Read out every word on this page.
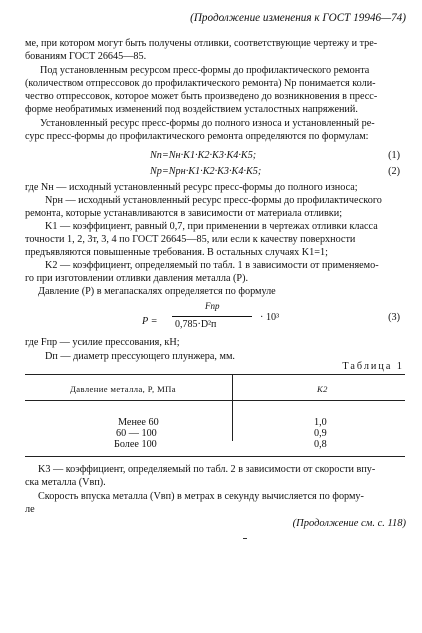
(Продолжение изменения к ГОСТ 19946—74)
ме, при котором могут быть получены отливки, соответствующие чертежу и тре-
бованиям ГОСТ 26645—85.
Под установленным ресурсом пресс-формы до профилактического ремонта
(количеством отпрессовок до профилактического ремонта) Nр понимается коли-
чество отпрессовок, которое может быть произведено до возникновения в пресс-
форме необратимых изменений под воздействием усталостных напряжений.
Установленный ресурс пресс-формы до полного износа и установленный ре-
сурс пресс-формы до профилактического ремонта определяются по формулам:
Nп=Nн·K1·K2·K3·K4·K5;	(1)
Nр=Nрн·K1·K2·K3·K4·K5;	(2)
где Nн — исходный установленный ресурс пресс-формы до полного износа;
Nрн — исходный установленный ресурс пресс-формы до профилактического
ремонта, которые устанавливаются в зависимости от материала отливки;
K1 — коэффициент, равный 0,7, при применении в чертежах отливки класса
точности 1, 2, 3т, 3, 4 по ГОСТ 26645—85, или если к качеству поверхности
предъявляются повышенные требования. В остальных случаях K1=1;
K2 — коэффициент, определяемый по табл. 1 в зависимости от применяемо-
го при изготовлении отливки давления металла (P).
Давление (P) в мегапаскалях определяется по формуле
P =
Fпр
0,785·D²п
· 10³	(3)
где Fпр — усилие прессования, кН;
Dп — диаметр прессующего плунжера, мм.
Таблица 1
Давление металла, P, МПа	K2
Менее 60	1,0
60 — 100	0,9
Более 100	0,8
K3 — коэффициент, определяемый по табл. 2 в зависимости от скорости впу-
ска металла (Vвп).
Скорость впуска металла (Vвп) в метрах в секунду вычисляется по форму-
ле
(Продолжение см. с. 118)
